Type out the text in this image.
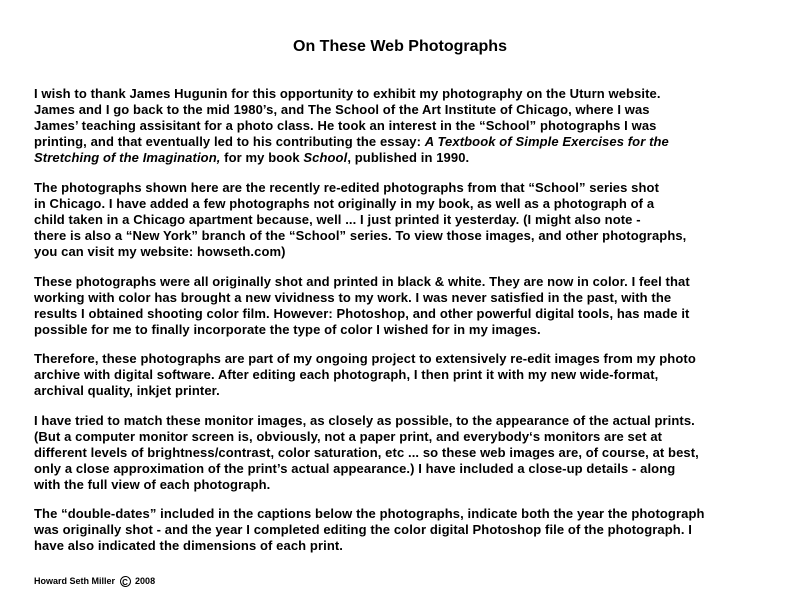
On These Web Photographs

I wish to thank James Hugunin for this opportunity to exhibit my photography on the Uturn website.
James and I go back to the mid 1980’s, and The School of the Art Institute of Chicago, where I was
James’ teaching assisitant for a photo class. He took an interest in the “School” photographs I was
printing, and that eventually led to his contributing the essay: A Textbook of Simple Exercises for the
Stretching of the Imagination, for my book School, published in 1990.

The photographs shown here are the recently re-edited photographs from that “School” series shot
in Chicago. I have added a few photographs not originally in my book, as well as a photograph of a
child taken in a Chicago apartment because, well ... I just printed it yesterday. (I might also note -
there is also a “New York” branch of the “School” series. To view those images, and other photographs,
you can visit my website: howseth.com)

These photographs were all originally shot and printed in black & white. They are now in color. I feel that
working with color has brought a new vividness to my work. I was never satisfied in the past, with the
results I obtained shooting color film. However: Photoshop, and other powerful digital tools, has made it
possible for me to finally incorporate the type of color I wished for in my images.

Therefore, these photographs are part of my ongoing project to extensively re-edit images from my photo
archive with digital software. After editing each photograph, I then print it with my new wide-format,
archival quality, inkjet printer.

I have tried to match these monitor images, as closely as possible, to the appearance of the actual prints.
(But a computer monitor screen is, obviously, not a paper print, and everybody‘s monitors are set at
different levels of brightness/contrast, color saturation, etc ... so these web images are, of course, at best,
only a close approximation of the print’s actual appearance.) I have included a close-up details - along
with the full view of each photograph.

The “double-dates” included in the captions below the photographs, indicate both the year the photograph
was originally shot - and the year I completed editing the color digital Photoshop file of the photograph. I
have also indicated the dimensions of each print.

Howard Seth Miller C 2008
